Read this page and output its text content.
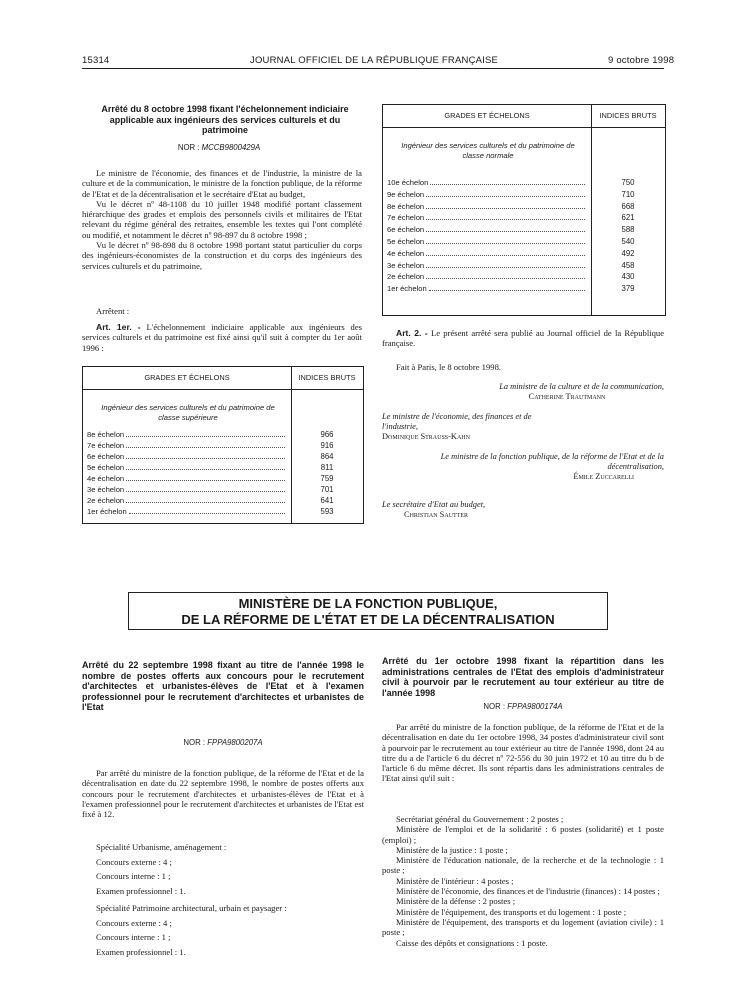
15314	JOURNAL OFFICIEL DE LA RÉPUBLIQUE FRANÇAISE	9 octobre 1998
Arrêté du 8 octobre 1998 fixant l'échelonnement indiciaire applicable aux ingénieurs des services culturels et du patrimoine
NOR : MCCB9800429A

Le ministre de l'économie, des finances et de l'industrie, la ministre de la culture et de la communication, le ministre de la fonction publique, de la réforme de l'Etat et de la décentralisation et le secrétaire d'Etat au budget,

Vu le décret nº 48-1108 du 10 juillet 1948 modifié portant classement hiérarchique des grades et emplois des personnels civils et militaires de l'Etat relevant du régime général des retraites, ensemble les textes qui l'ont complété ou modifié, et notamment le décret nº 98-897 du 8 octobre 1998 ;

Vu le décret nº 98-898 du 8 octobre 1998 portant statut particulier du corps des ingénieurs-économistes de la construction et du corps des ingénieurs des services culturels et du patrimoine,

Arrêtent :

Art. 1er. - L'échelonnement indiciaire applicable aux ingénieurs des services culturels et du patrimoine est fixé ainsi qu'il suit à compter du 1er août 1996 :

GRADES ET ÉCHELONS	INDICES BRUTS
Ingénieur des services culturels et du patrimoine de classe supérieure
8e échelon	966
7e échelon	916
6e échelon	864
5e échelon	811
4e échelon	759
3e échelon	701
2e échelon	641
1er échelon	593
GRADES ET ÉCHELONS	INDICES BRUTS
Ingénieur des services culturels et du patrimoine de classe normale
10e échelon	750
9e échelon	710
8e échelon	668
7e échelon	621
6e échelon	588
5e échelon	540
4e échelon	492
3e échelon	458
2e échelon	430
1er échelon	379

Art. 2. - Le présent arrêté sera publié au Journal officiel de la République française.

Fait à Paris, le 8 octobre 1998.

La ministre de la culture et de la communication,
Catherine Trautmann
Le ministre de l'économie, des finances et de l'industrie,
Dominique Strauss-Kahn
Le ministre de la fonction publique, de la réforme de l'Etat et de la décentralisation,
Émile Zuccarelli
Le secrétaire d'Etat au budget,
Christian Sautter
MINISTÈRE DE LA FONCTION PUBLIQUE,
DE LA RÉFORME DE L'ÉTAT ET DE LA DÉCENTRALISATION
Arrêté du 22 septembre 1998 fixant au titre de l'année 1998 le nombre de postes offerts aux concours pour le recrutement d'architectes et urbanistes-élèves de l'Etat et à l'examen professionnel pour le recrutement d'architectes et urbanistes de l'Etat
NOR : FPPA9800207A

Par arrêté du ministre de la fonction publique, de la réforme de l'Etat et de la décentralisation en date du 22 septembre 1998, le nombre de postes offerts aux concours pour le recrutement d'architectes et urbanistes-élèves de l'Etat et à l'examen professionnel pour le recrutement d'architectes et urbanistes de l'Etat est fixé à 12.

Spécialité Urbanisme, aménagement :
Concours externe : 4 ;
Concours interne : 1 ;
Examen professionnel : 1.
Spécialité Patrimoine architectural, urbain et paysager :
Concours externe : 4 ;
Concours interne : 1 ;
Examen professionnel : 1.
Arrêté du 1er octobre 1998 fixant la répartition dans les administrations centrales de l'Etat des emplois d'administrateur civil à pourvoir par le recrutement au tour extérieur au titre de l'année 1998
NOR : FPPA9800174A

Par arrêté du ministre de la fonction publique, de la réforme de l'Etat et de la décentralisation en date du 1er octobre 1998, 34 postes d'administrateur civil sont à pourvoir par le recrutement au tour extérieur au titre de l'année 1998, dont 24 au titre du a de l'article 6 du décret nº 72-556 du 30 juin 1972 et 10 au titre du b de l'article 6 du même décret. Ils sont répartis dans les administrations centrales de l'Etat ainsi qu'il suit :

Secrétariat général du Gouvernement : 2 postes ;

Ministère de l'emploi et de la solidarité : 6 postes (solidarité) et 1 poste (emploi) ;

Ministère de la justice : 1 poste ;

Ministère de l'éducation nationale, de la recherche et de la technologie : 1 poste ;

Ministère de l'intérieur : 4 postes ;

Ministère de l'économie, des finances et de l'industrie (finances) : 14 postes ;

Ministère de la défense : 2 postes ;

Ministère de l'équipement, des transports et du logement : 1 poste ;

Ministère de l'équipement, des transports et du logement (aviation civile) : 1 poste ;

Caisse des dépôts et consignations : 1 poste.
